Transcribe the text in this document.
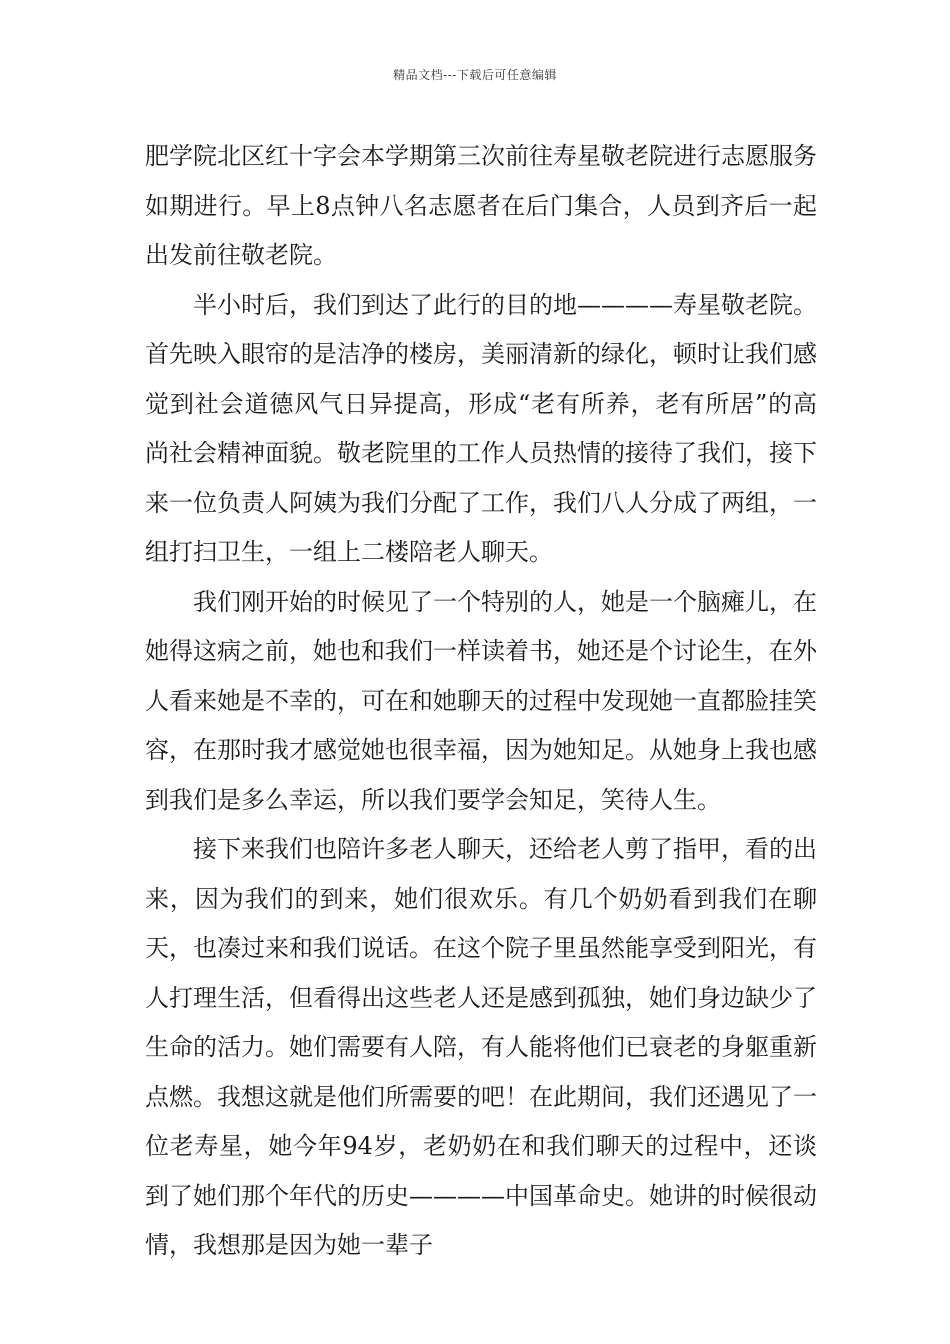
精品文档---下载后可任意编辑

肥学院北区红十字会本学期第三次前往寿星敬老院进行志愿服务如期进行。早上8点钟八名志愿者在后门集合，人员到齐后一起出发前往敬老院。

半小时后，我们到达了此行的目的地————寿星敬老院。首先映入眼帘的是洁净的楼房，美丽清新的绿化，顿时让我们感觉到社会道德风气日异提高，形成“老有所养，老有所居”的高尚社会精神面貌。敬老院里的工作人员热情的接待了我们，接下来一位负责人阿姨为我们分配了工作，我们八人分成了两组，一组打扫卫生，一组上二楼陪老人聊天。

我们刚开始的时候见了一个特别的人，她是一个脑瘫儿，在她得这病之前，她也和我们一样读着书，她还是个讨论生，在外人看来她是不幸的，可在和她聊天的过程中发现她一直都脸挂笑容，在那时我才感觉她也很幸福，因为她知足。从她身上我也感到我们是多么幸运，所以我们要学会知足，笑待人生。

接下来我们也陪许多老人聊天，还给老人剪了指甲，看的出来，因为我们的到来，她们很欢乐。有几个奶奶看到我们在聊天，也凑过来和我们说话。在这个院子里虽然能享受到阳光，有人打理生活，但看得出这些老人还是感到孤独，她们身边缺少了生命的活力。她们需要有人陪，有人能将他们已衰老的身躯重新点燃。我想这就是他们所需要的吧！在此期间，我们还遇见了一位老寿星，她今年94岁，老奶奶在和我们聊天的过程中，还谈到了她们那个年代的历史————中国革命史。她讲的时候很动情，我想那是因为她一辈子
